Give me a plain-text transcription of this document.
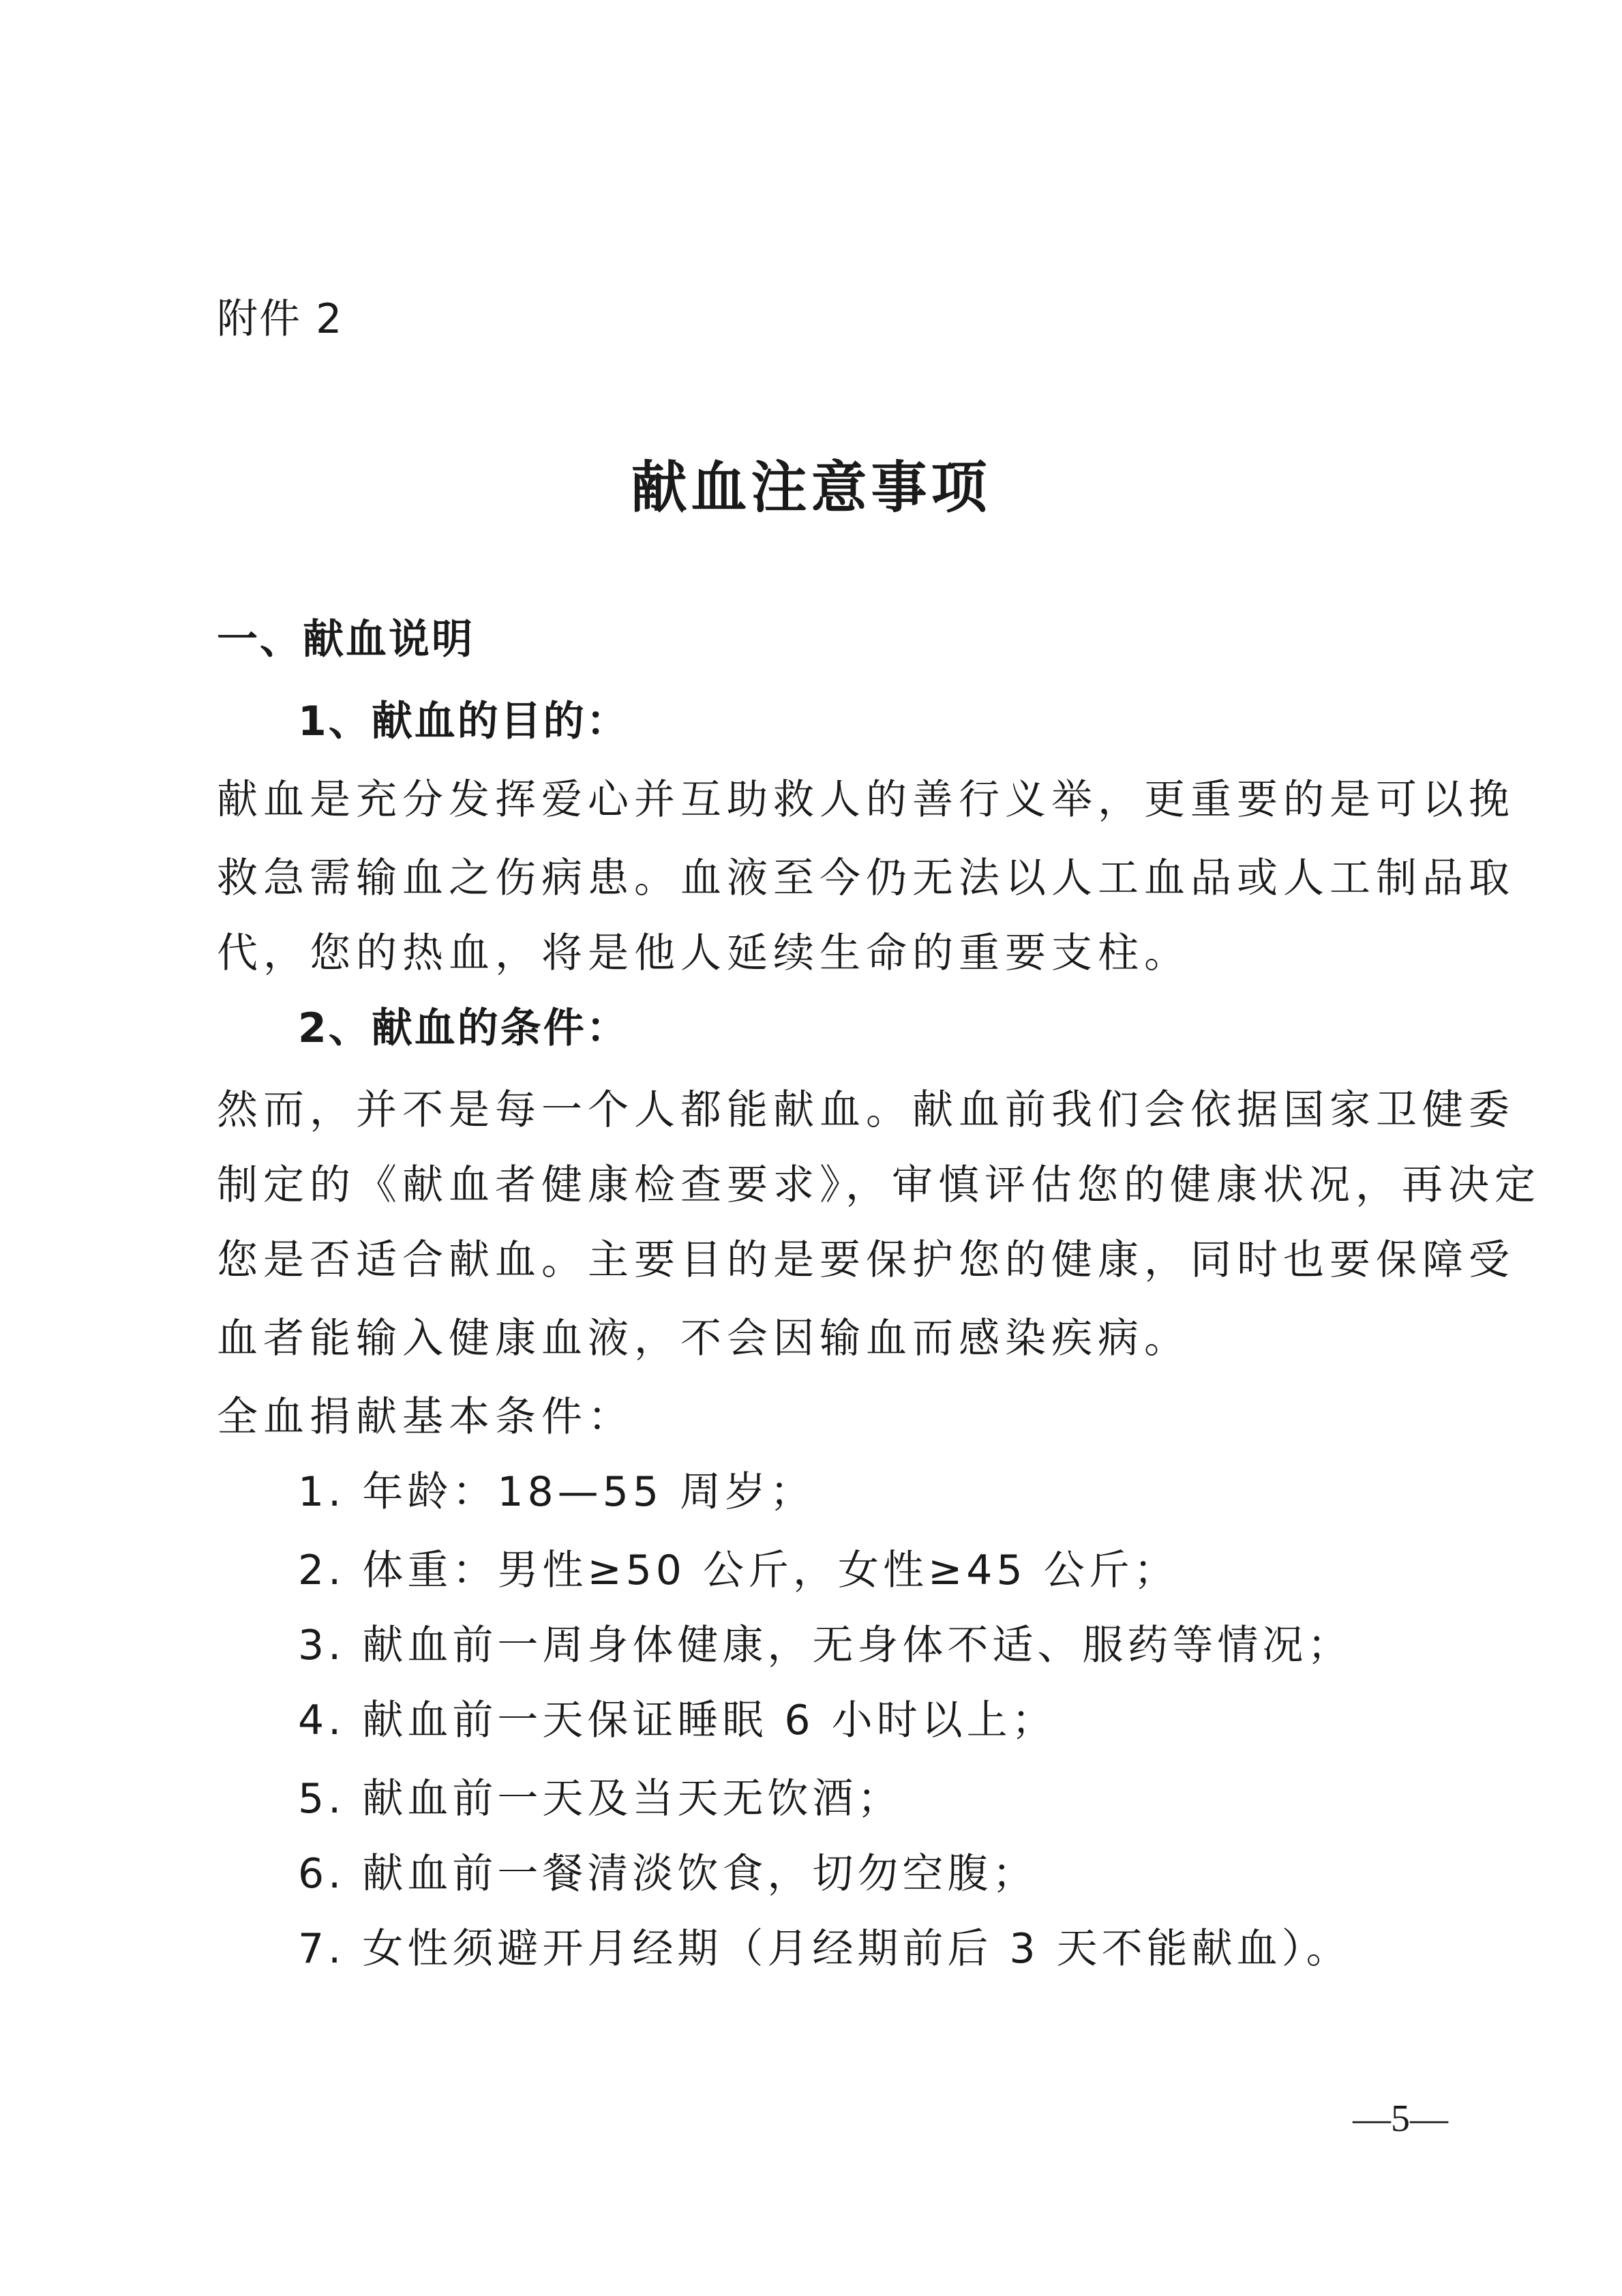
附件 2

献血注意事项
一、献血说明
1、献血的目的：

献血是充分发挥爱心并互助救人的善行义举，更重要的是可以挽

救急需输血之伤病患。血液至今仍无法以人工血品或人工制品取

代，您的热血，将是他人延续生命的重要支柱。

2、献血的条件：

然而，并不是每一个人都能献血。献血前我们会依据国家卫健委

制定的《献血者健康检查要求》，审慎评估您的健康状况，再决定

您是否适合献血。主要目的是要保护您的健康，同时也要保障受

血者能输入健康血液，不会因输血而感染疾病。

全血捐献基本条件：

1. 年龄：18—55 周岁；

2. 体重：男性≥50 公斤，女性≥45 公斤；

3. 献血前一周身体健康，无身体不适、服药等情况；

4. 献血前一天保证睡眠 6 小时以上；

5. 献血前一天及当天无饮酒；

6. 献血前一餐清淡饮食，切勿空腹；

7. 女性须避开月经期（月经期前后 3 天不能献血）。

—5—
